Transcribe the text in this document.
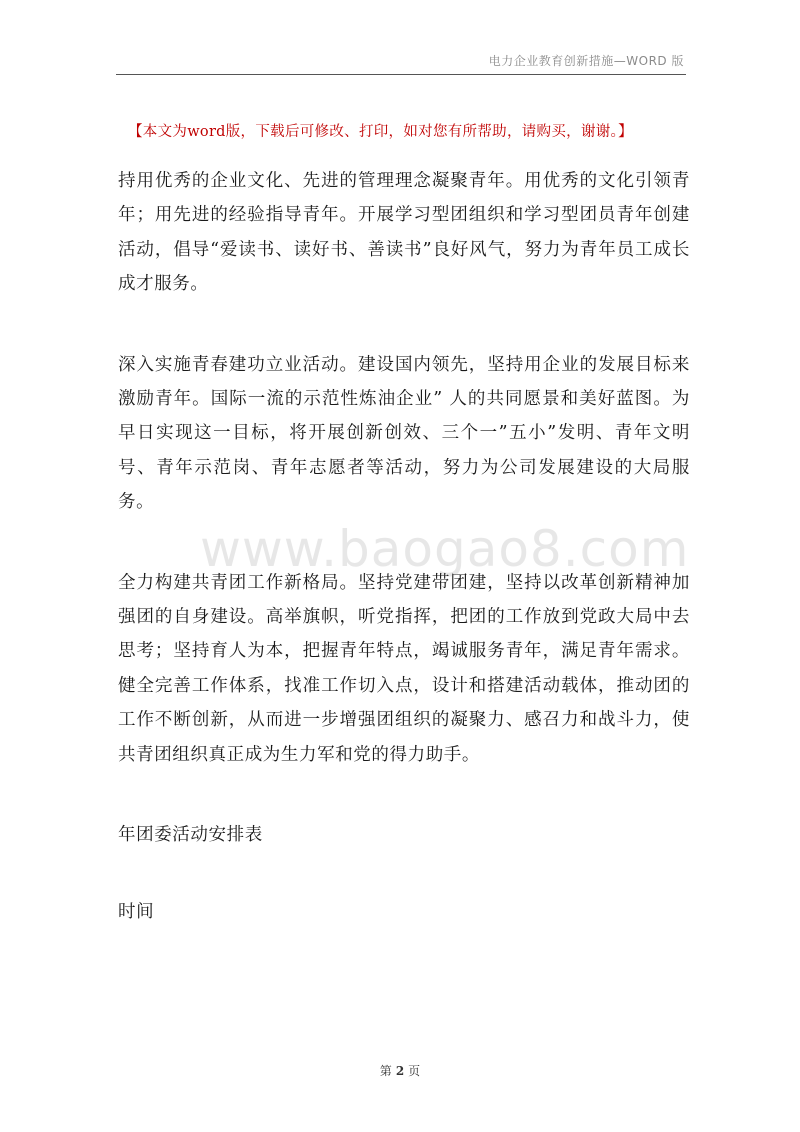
电力企业教育创新措施—WORD 版
【本文为word版，下载后可修改、打印，如对您有所帮助，请购买，谢谢。】

持用优秀的企业文化、先进的管理理念凝聚青年。用优秀的文化引领青年；用先进的经验指导青年。开展学习型团组织和学习型团员青年创建活动，倡导“爱读书、读好书、善读书”良好风气，努力为青年员工成长成才服务。

深入实施青春建功立业活动。建设国内领先，坚持用企业的发展目标来激励青年。国际一流的示范性炼油企业” 人的共同愿景和美好蓝图。为早日实现这一目标，将开展创新创效、三个一”五小”发明、青年文明号、青年示范岗、青年志愿者等活动，努力为公司发展建设的大局服务。

全力构建共青团工作新格局。坚持党建带团建，坚持以改革创新精神加强团的自身建设。高举旗帜，听党指挥，把团的工作放到党政大局中去思考；坚持育人为本，把握青年特点，竭诚服务青年，满足青年需求。健全完善工作体系，找准工作切入点，设计和搭建活动载体，推动团的工作不断创新，从而进一步增强团组织的凝聚力、感召力和战斗力，使共青团组织真正成为生力军和党的得力助手。

年团委活动安排表

时间

www.baogao8.com
第 2 页
